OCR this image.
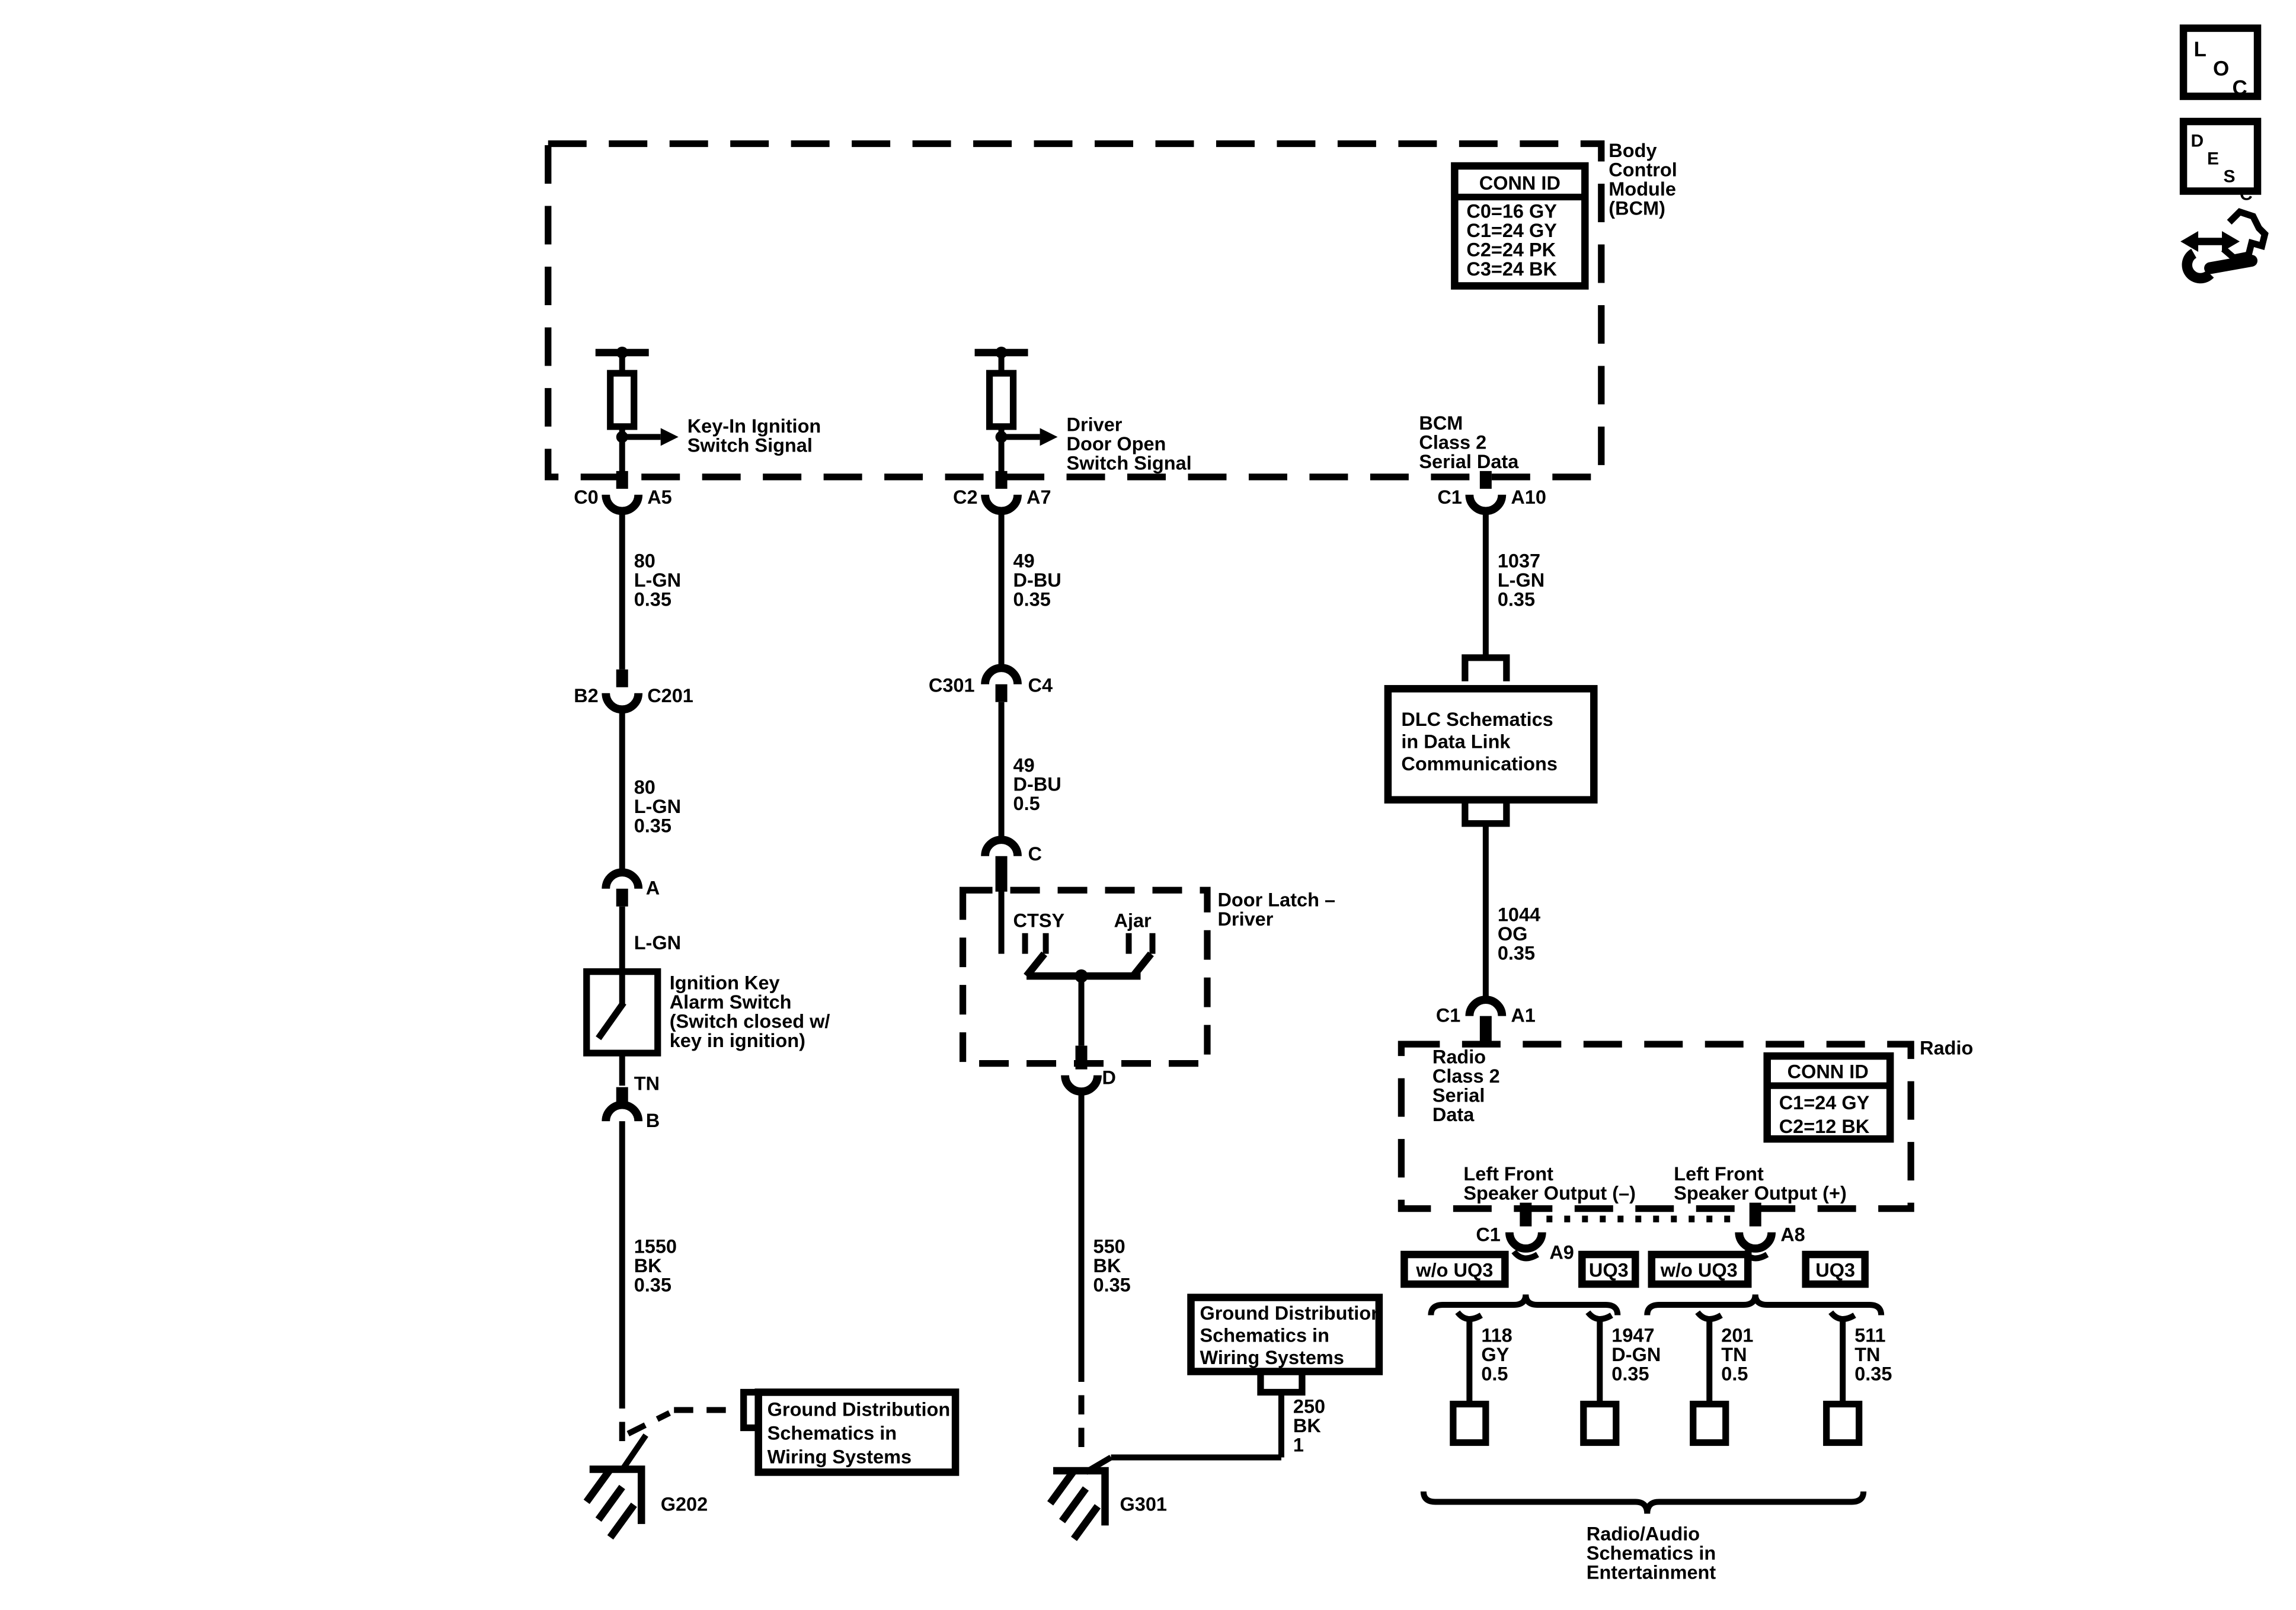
L
O
C
D
E
S
C
Body
Control
Module
(BCM)
CONN ID
C0=16 GY
C1=24 GY
C2=24 PK
C3=24 BK
Key-In Ignition
Switch Signal
C0	A5
80
L-GN
0.35
B2	C201
80
L-GN
0.35
A
L-GN
Ignition Key
Alarm Switch
(Switch closed w/
key in ignition)
TN
B
1550
BK
0.35
G202
Ground Distribution
Schematics in
Wiring Systems
Driver
Door Open
Switch Signal
C2	A7
49
D-BU
0.35
C301	C4
49
D-BU
0.5
C
Door Latch –
Driver
CTSY	Ajar
D
550
BK
0.35
G301
Ground Distribution
Schematics in
Wiring Systems
250
BK
1
BCM
Class 2
Serial Data
C1	A10
1037
L-GN
0.35
DLC Schematics
in Data Link
Communications
1044
OG
0.35
C1	A1
Radio
Radio
Class 2
Serial
Data
CONN ID
C1=24 GY
C2=12 BK
Left Front
Speaker Output (–)
Left Front
Speaker Output (+)
C1
A9
A8
w/o UQ3	UQ3	w/o UQ3	UQ3
118
GY
0.5
1947
D-GN
0.35
201
TN
0.5
511
TN
0.35
Radio/Audio
Schematics in
Entertainment
